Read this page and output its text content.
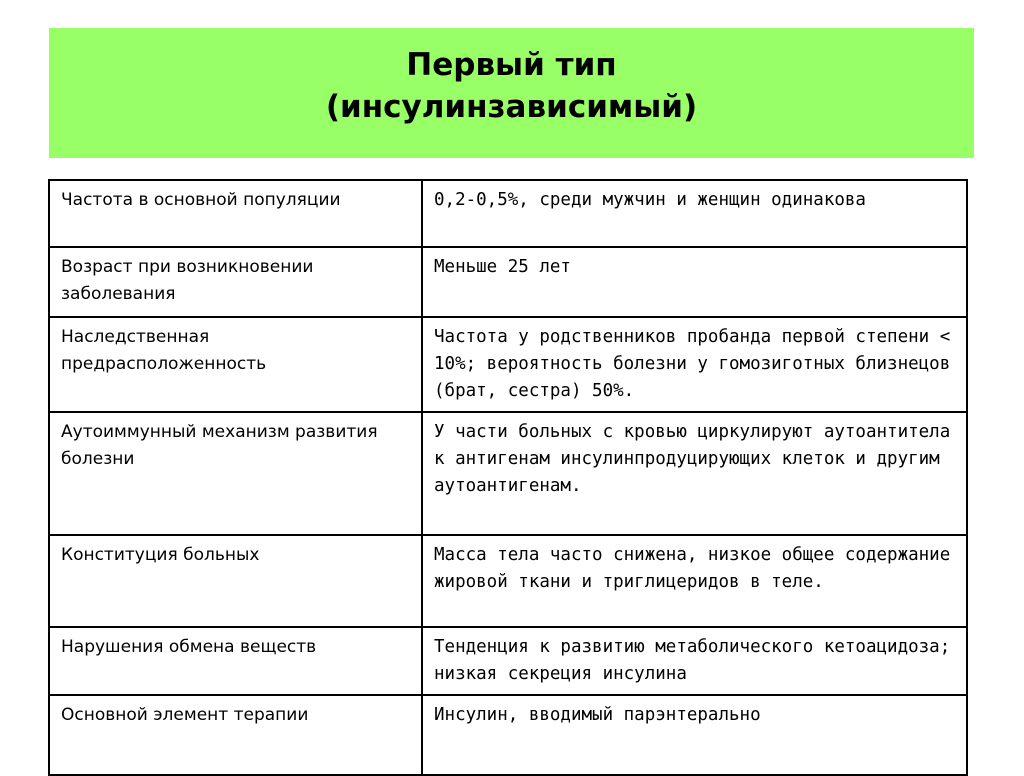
Первый тип
(инсулинзависимый)
Частота в основной популяции	0,2-0,5%, среди мужчин и женщин одинакова
Возраст при возникновении заболевания	Меньше 25 лет
Наследственная предрасположенность	Частота у родственников пробанда первой степени < 10%; вероятность болезни у гомозиготных близнецов (брат, сестра) 50%.
Аутоиммунный механизм развития болезни	У части больных с кровью циркулируют аутоантитела к антигенам инсулинпродуцирующих клеток и другим аутоантигенам.
Конституция больных	Масса тела часто снижена, низкое общее содержание жировой ткани и триглицеридов в теле.
Нарушения обмена веществ	Тенденция к развитию метаболического кетоацидоза; низкая секреция инсулина
Основной элемент терапии	Инсулин, вводимый парэнтерально
